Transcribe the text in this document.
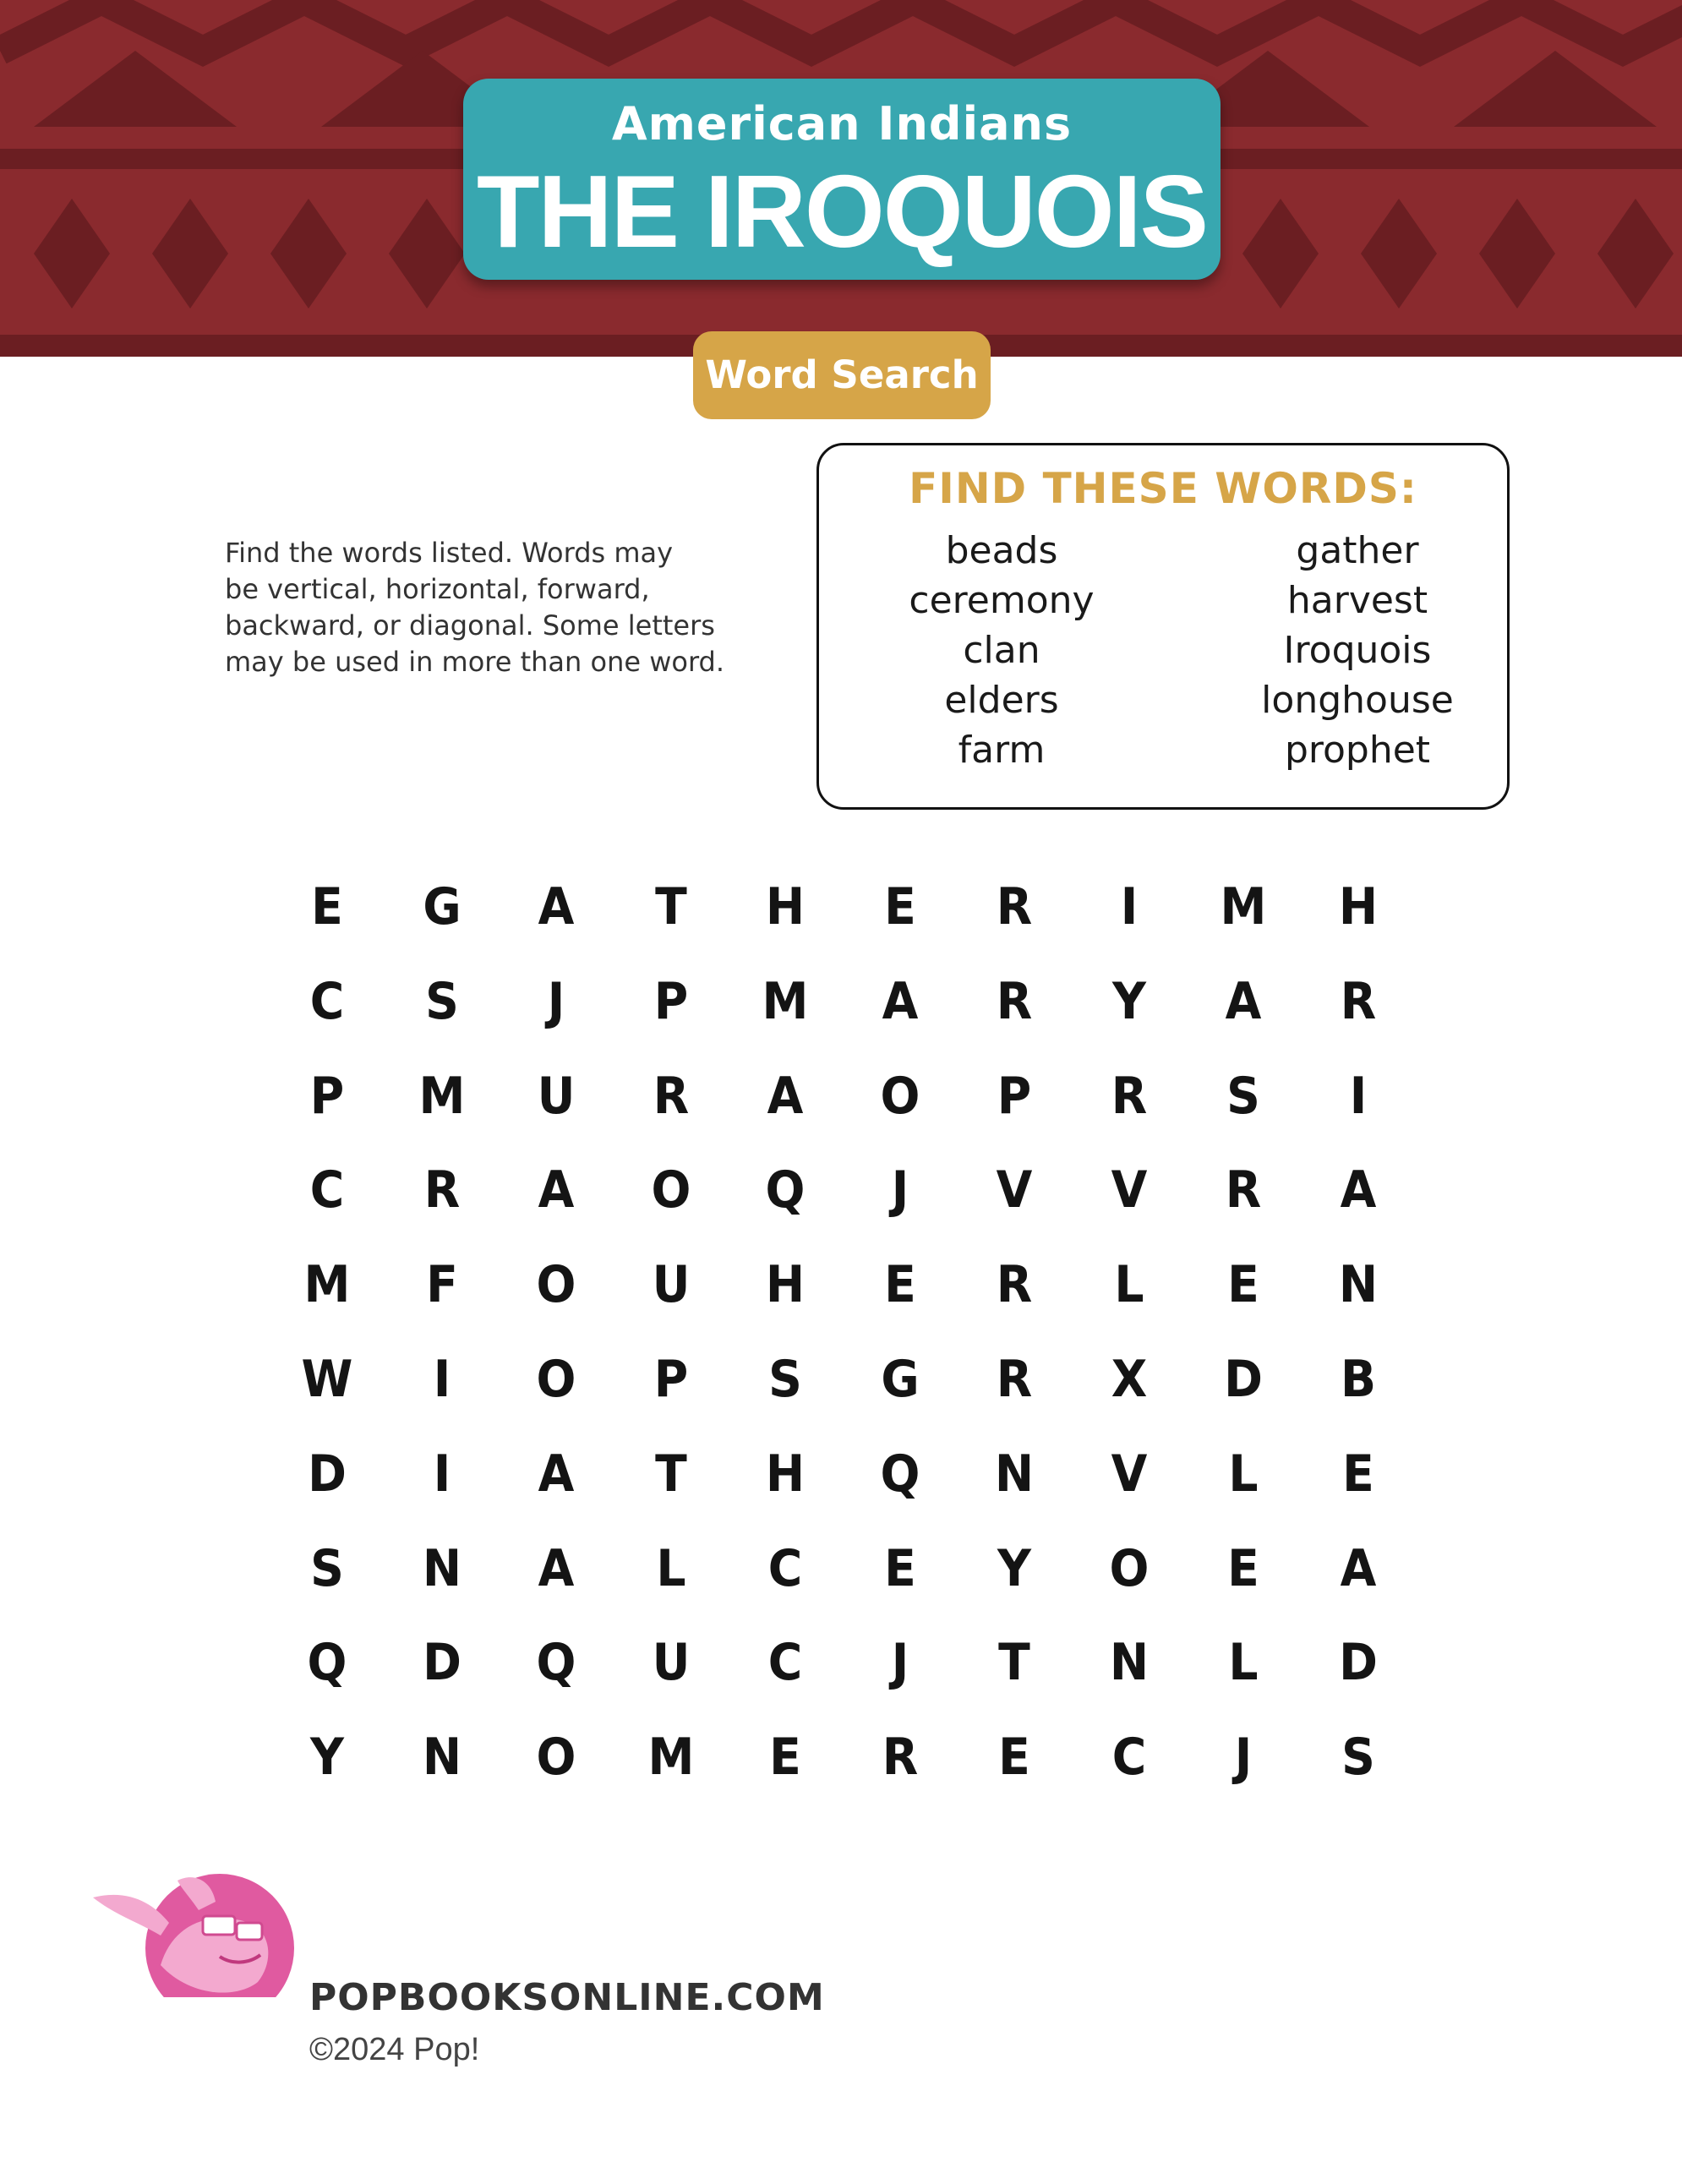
American Indians
THE IROQUOIS
Word Search
Find the words listed. Words may
be vertical, horizontal, forward,
backward, or diagonal. Some letters
may be used in more than one word.
FIND THESE WORDS:
beads
ceremony
clan
elders
farm
gather
harvest
Iroquois
longhouse
prophet
E	G	A	T	H	E	R	I	M	H
C	S	J	P	M	A	R	Y	A	R
P	M	U	R	A	O	P	R	S	I
C	R	A	O	Q	J	V	V	R	A
M	F	O	U	H	E	R	L	E	N
W	I	O	P	S	G	R	X	D	B
D	I	A	T	H	Q	N	V	L	E
S	N	A	L	C	E	Y	O	E	A
Q	D	Q	U	C	J	T	N	L	D
Y	N	O	M	E	R	E	C	J	S
POPBOOKSONLINE.COM
©2024 Pop!
